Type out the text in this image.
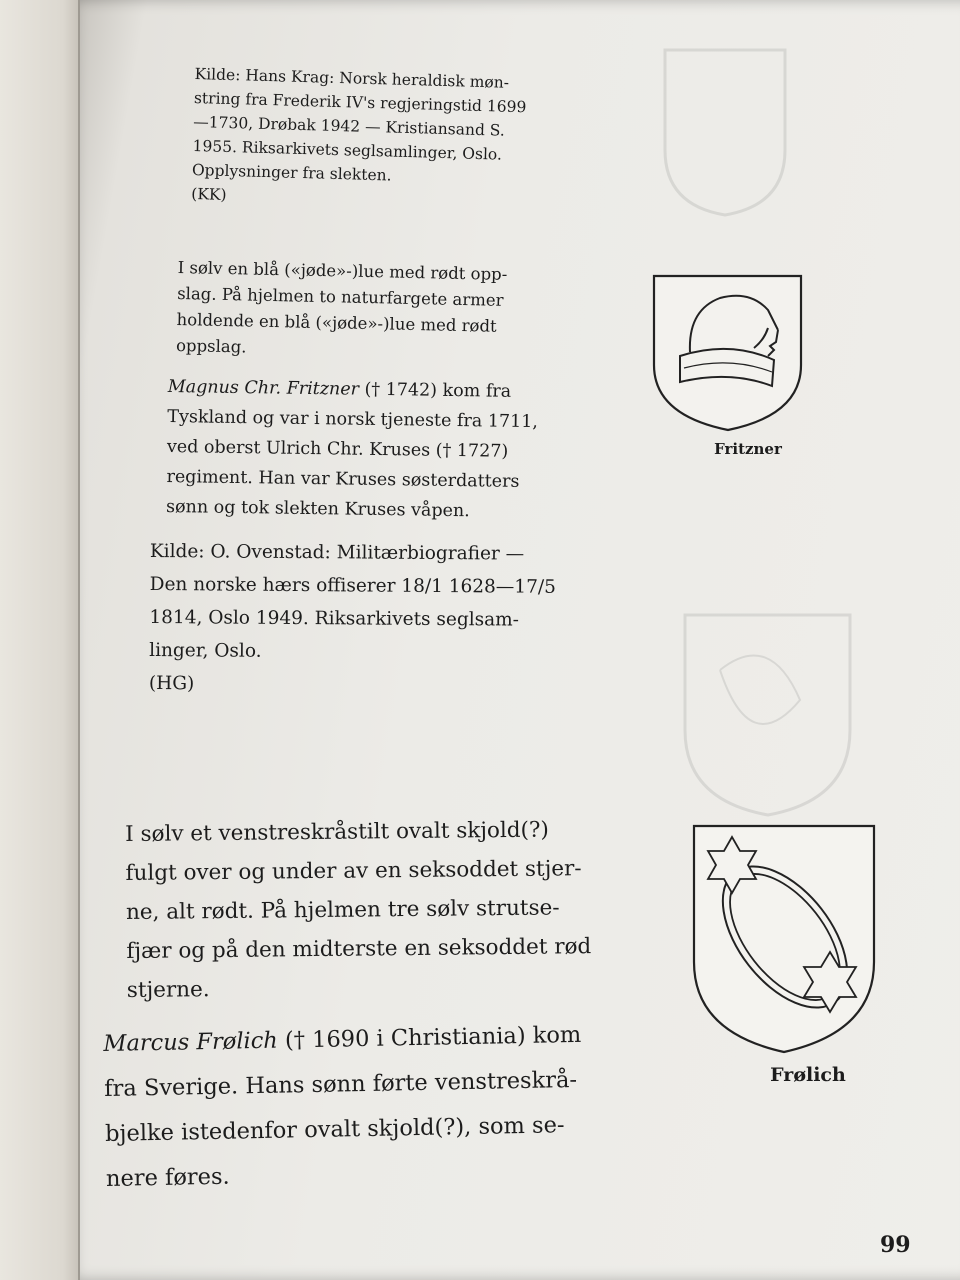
Kilde: Hans Krag: Norsk heraldisk møn-
string fra Frederik IV's regjeringstid 1699
—1730, Drøbak 1942 — Kristiansand S.
1955. Riksarkivets seglsamlinger, Oslo.
Opplysninger fra slekten.
(KK)
I sølv en blå («jøde»-)lue med rødt opp-
slag. På hjelmen to naturfargete armer
holdende en blå («jøde»-)lue med rødt
oppslag.
Magnus Chr. Fritzner († 1742) kom fra
Tyskland og var i norsk tjeneste fra 1711,
ved oberst Ulrich Chr. Kruses († 1727)
regiment. Han var Kruses søsterdatters
sønn og tok slekten Kruses våpen.
Kilde: O. Ovenstad: Militærbiografier —
Den norske hærs offiserer 18/1 1628—17/5
1814, Oslo 1949. Riksarkivets seglsam-
linger, Oslo.
(HG)
Fritzner
I sølv et venstreskråstilt ovalt skjold(?)
fulgt over og under av en seksoddet stjer-
ne, alt rødt. På hjelmen tre sølv strutse-
fjær og på den midterste en seksoddet rød
stjerne.
Marcus Frølich († 1690 i Christiania) kom
fra Sverige. Hans sønn førte venstreskrå-
bjelke istedenfor ovalt skjold(?), som se-
nere føres.
Frølich
99
